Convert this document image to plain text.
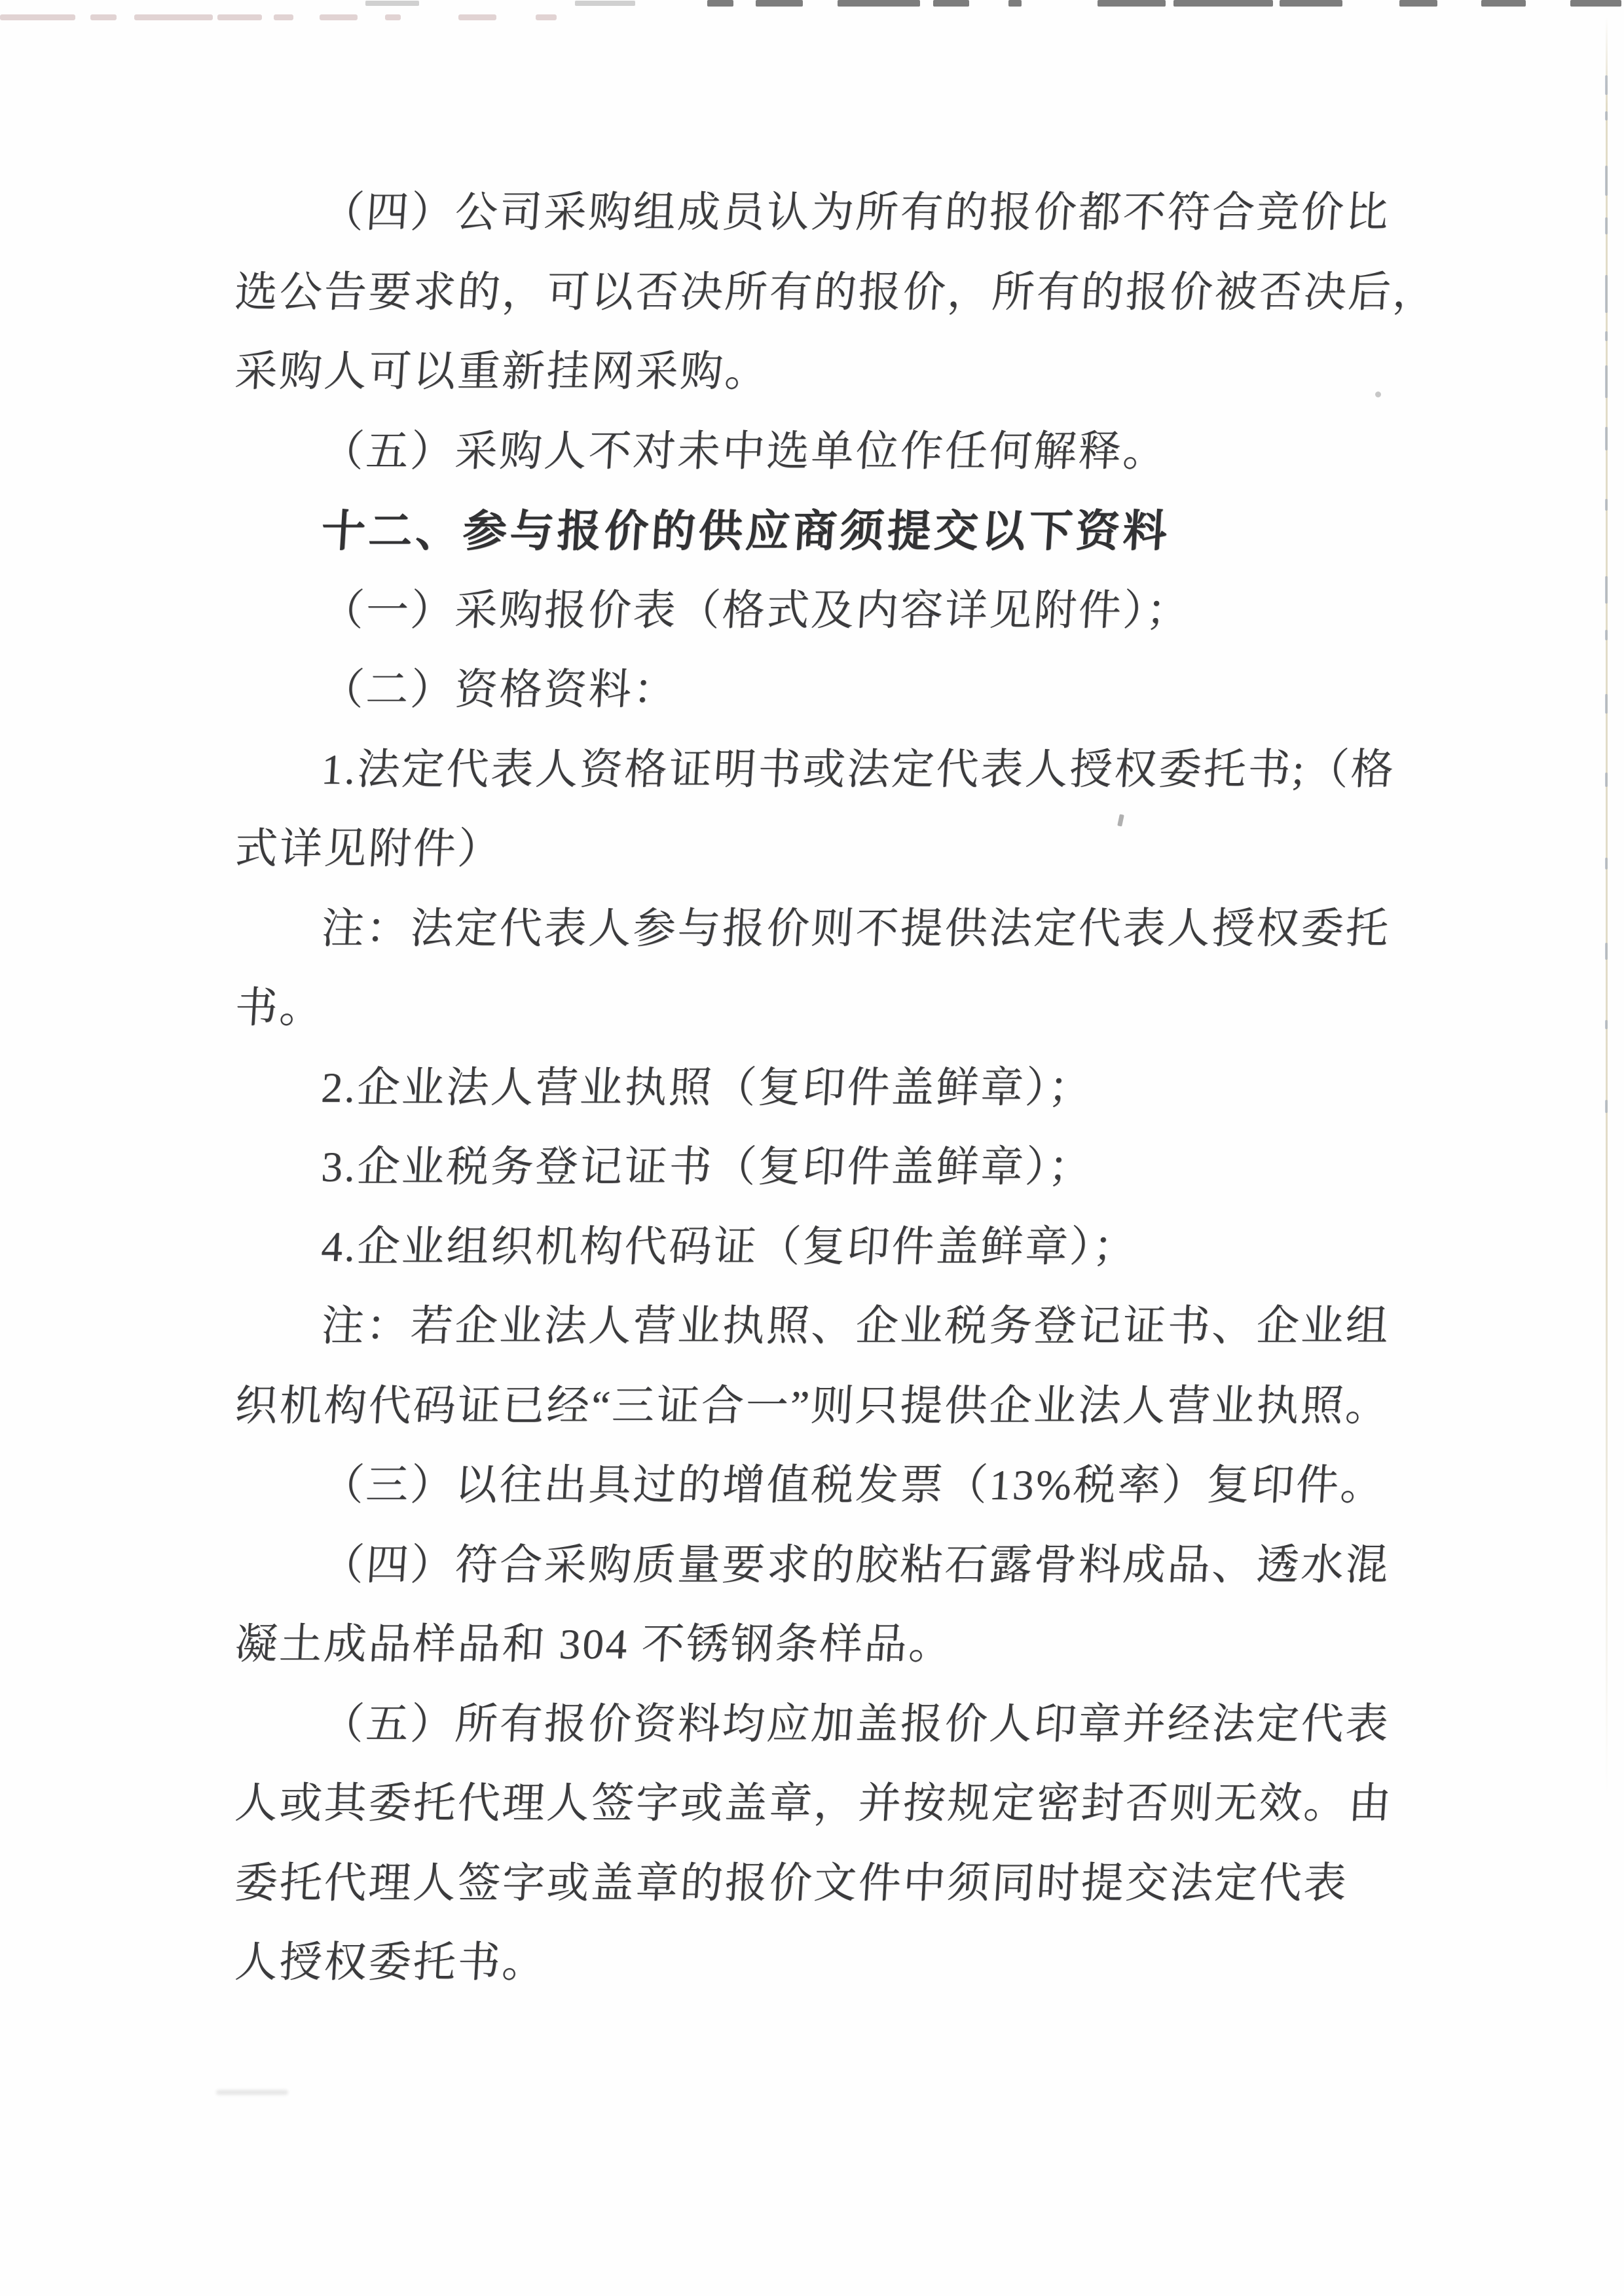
（四）公司采购组成员认为所有的报价都不符合竞价比
选公告要求的，可以否决所有的报价，所有的报价被否决后，
采购人可以重新挂网采购。
（五）采购人不对未中选单位作任何解释。
十二、参与报价的供应商须提交以下资料
（一）采购报价表（格式及内容详见附件）；
（二）资格资料：
1.法定代表人资格证明书或法定代表人授权委托书;（格
式详见附件）
注：法定代表人参与报价则不提供法定代表人授权委托
书。
2.企业法人营业执照（复印件盖鲜章）；
3.企业税务登记证书（复印件盖鲜章）；
4.企业组织机构代码证（复印件盖鲜章）；
注：若企业法人营业执照、企业税务登记证书、企业组
织机构代码证已经“三证合一”则只提供企业法人营业执照。
（三）以往出具过的增值税发票（13%税率）复印件。
（四）符合采购质量要求的胶粘石露骨料成品、透水混
凝土成品样品和 304 不锈钢条样品。
（五）所有报价资料均应加盖报价人印章并经法定代表
人或其委托代理人签字或盖章，并按规定密封否则无效。由
委托代理人签字或盖章的报价文件中须同时提交法定代表
人授权委托书。
